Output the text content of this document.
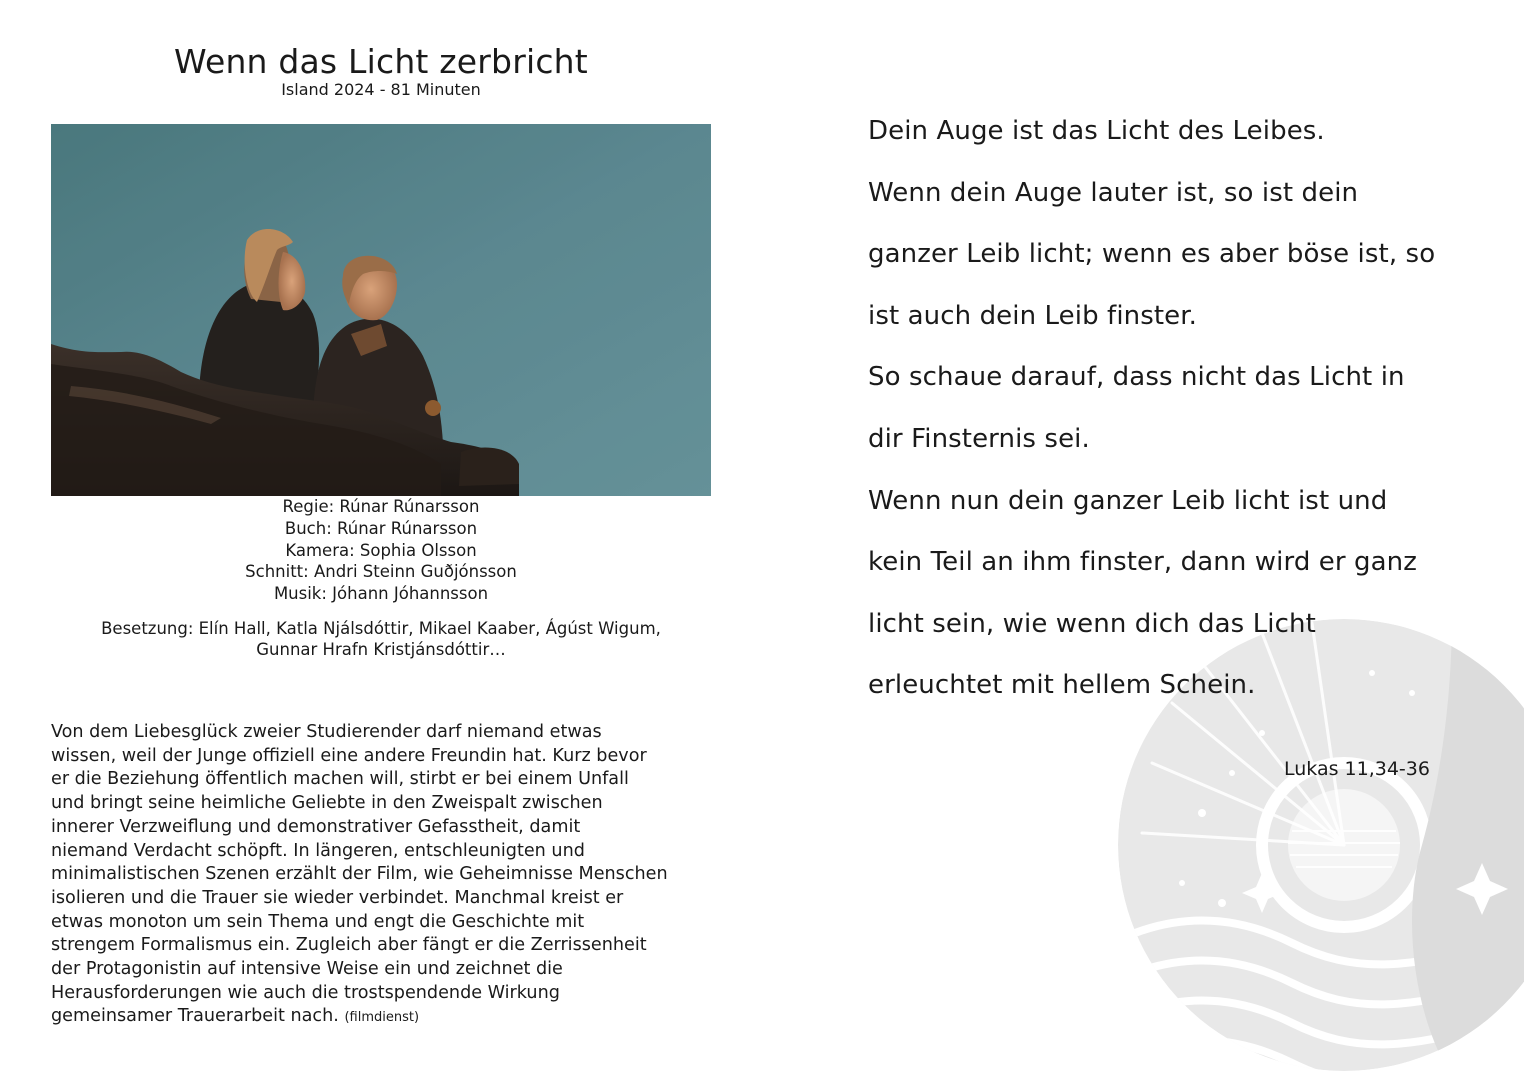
Wenn das Licht zerbricht
Island 2024 - 81 Minuten
Regie: Rúnar Rúnarsson
Buch: Rúnar Rúnarsson
Kamera: Sophia Olsson
Schnitt: Andri Steinn Guðjónsson
Musik: Jóhann Jóhannsson
Besetzung: Elín Hall, Katla Njálsdóttir, Mikael Kaaber, Ágúst Wigum,
Gunnar Hrafn Kristjánsdóttir…
Von dem Liebesglück zweier Studierender darf niemand etwas
wissen, weil der Junge offiziell eine andere Freundin hat. Kurz bevor
er die Beziehung öffentlich machen will, stirbt er bei einem Unfall
und bringt seine heimliche Geliebte in den Zweispalt zwischen
innerer Verzweiflung und demonstrativer Gefasstheit, damit
niemand Verdacht schöpft. In längeren, entschleunigten und
minimalistischen Szenen erzählt der Film, wie Geheimnisse Menschen
isolieren und die Trauer sie wieder verbindet. Manchmal kreist er
etwas monoton um sein Thema und engt die Geschichte mit
strengem Formalismus ein. Zugleich aber fängt er die Zerrissenheit
der Protagonistin auf intensive Weise ein und zeichnet die
Herausforderungen wie auch die trostspendende Wirkung
gemeinsamer Trauerarbeit nach. (filmdienst)
Dein Auge ist das Licht des Leibes.
Wenn dein Auge lauter ist, so ist dein
ganzer Leib licht; wenn es aber böse ist, so
ist auch dein Leib finster.
So schaue darauf, dass nicht das Licht in
dir Finsternis sei.
Wenn nun dein ganzer Leib licht ist und
kein Teil an ihm finster, dann wird er ganz
licht sein, wie wenn dich das Licht
erleuchtet mit hellem Schein.
Lukas 11,34-36
